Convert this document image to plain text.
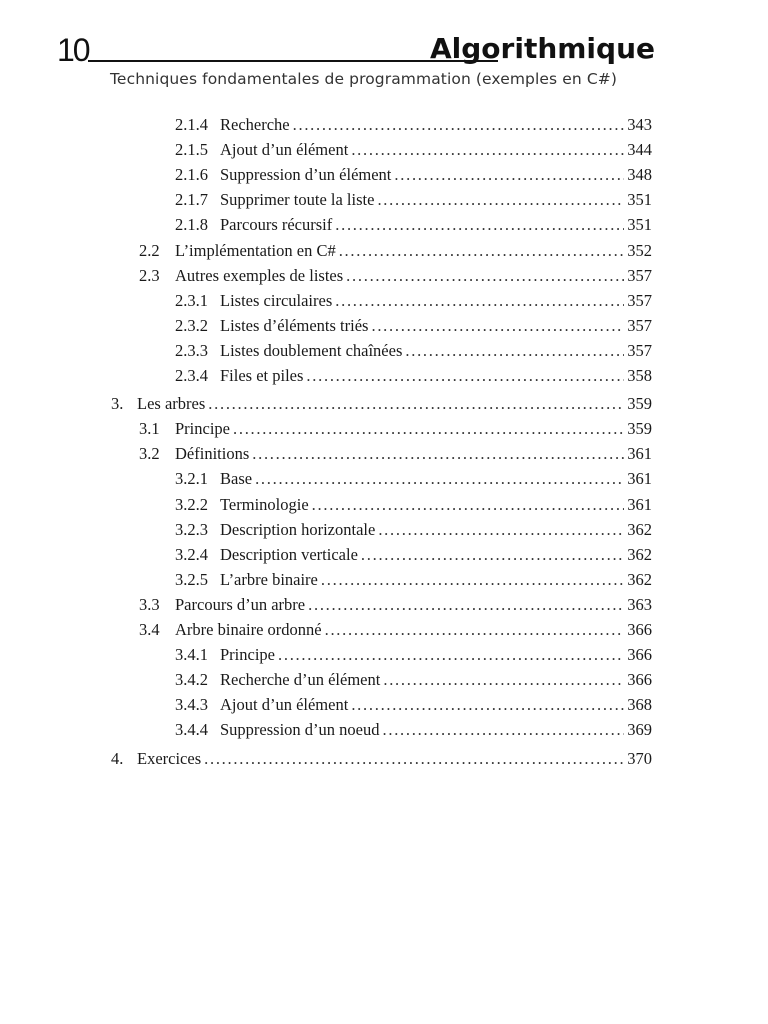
10	Algorithmique
Techniques fondamentales de programmation (exemples en C#)
2.1.4 Recherche . . .	343
2.1.5 Ajout d’un élément . . .	344
2.1.6 Suppression d’un élément . . .	348
2.1.7 Supprimer toute la liste . . .	351
2.1.8 Parcours récursif . . .	351
2.2 L’implémentation en C# . . .	352
2.3 Autres exemples de listes . . .	357
2.3.1 Listes circulaires . . .	357
2.3.2 Listes d’éléments triés . . .	357
2.3.3 Listes doublement chaînées . . .	357
2.3.4 Files et piles . . .	358
3. Les arbres . . .	359
3.1 Principe . . .	359
3.2 Définitions . . .	361
3.2.1 Base . . .	361
3.2.2 Terminologie . . .	361
3.2.3 Description horizontale . . .	362
3.2.4 Description verticale . . .	362
3.2.5 L’arbre binaire . . .	362
3.3 Parcours d’un arbre . . .	363
3.4 Arbre binaire ordonné . . .	366
3.4.1 Principe . . .	366
3.4.2 Recherche d’un élément . . .	366
3.4.3 Ajout d’un élément . . .	368
3.4.4 Suppression d’un noeud . . .	369
4. Exercices . . .	370
